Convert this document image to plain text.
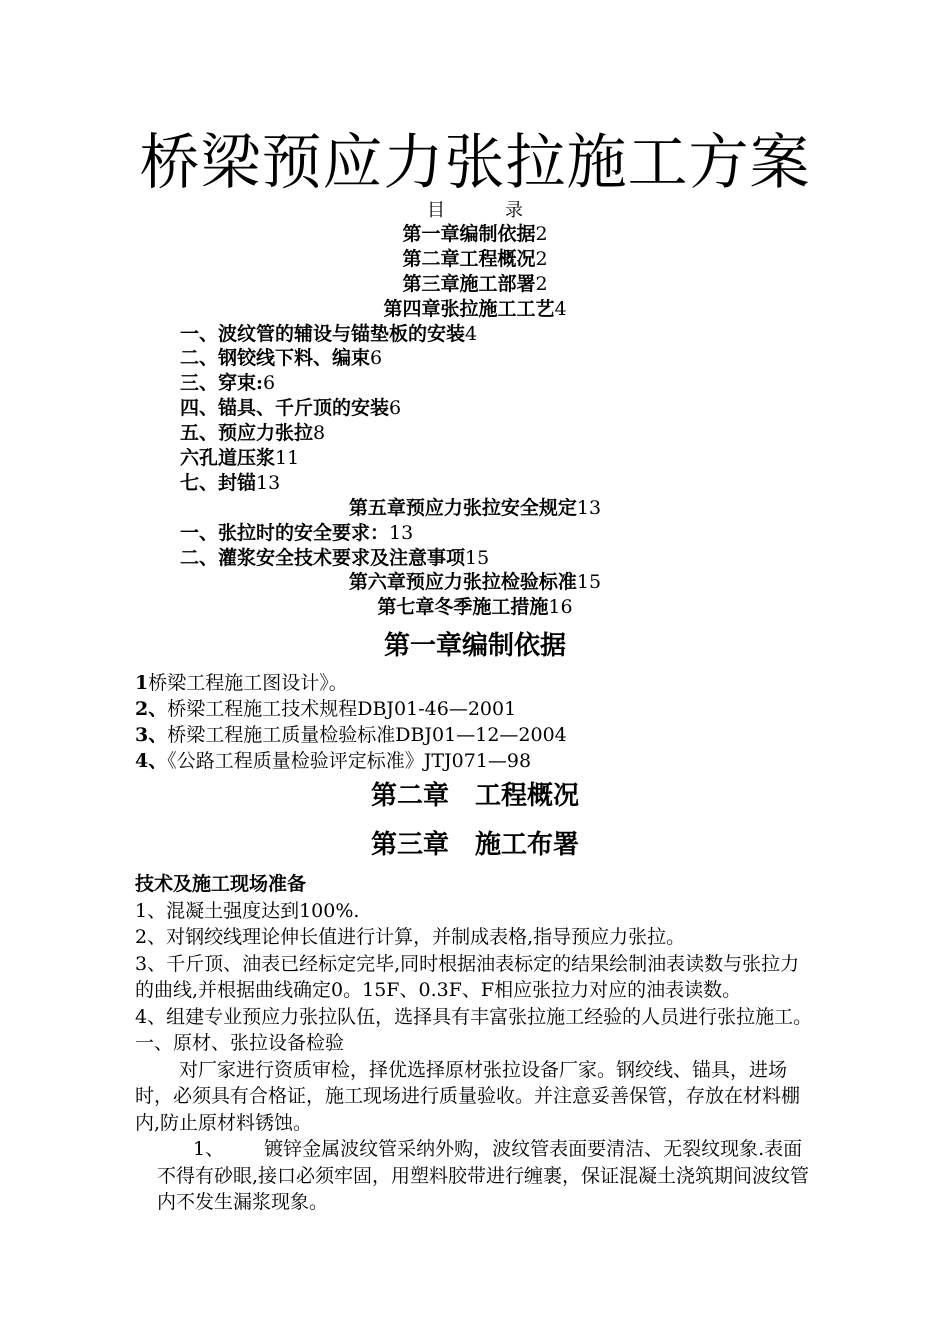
桥梁预应力张拉施工方案
目	录
第一章编制依据2
第二章工程概况2
第三章施工部署2
第四章张拉施工工艺4
一、波纹管的辅设与锚垫板的安装4
二、钢铰线下料、编束6
三、穿束:6
四、锚具、千斤顶的安装6
五、预应力张拉8
六孔道压浆11
七、封锚13
第五章预应力张拉安全规定13
一、张拉时的安全要求：13
二、灌浆安全技术要求及注意事项15
第六章预应力张拉检验标准15
第七章冬季施工措施16
第一章编制依据
1桥梁工程施工图设计》。
2、桥梁工程施工技术规程DBJ01-46—2001
3、桥梁工程施工质量检验标准DBJ01—12—2004
4、《公路工程质量检验评定标准》JTJ071—98
第二章　工程概况
第三章　施工布署

技术及施工现场准备

1、混凝土强度达到100%.

2、对钢绞线理论伸长值进行计算，并制成表格,指导预应力张拉。

3、千斤顶、油表已经标定完毕,同时根据油表标定的结果绘制油表读数与张拉力的曲线,并根据曲线确定0。15F、0.3F、F相应张拉力对应的油表读数。

4、组建专业预应力张拉队伍，选择具有丰富张拉施工经验的人员进行张拉施工。

一、原材、张拉设备检验

对厂家进行资质审检，择优选择原材张拉设备厂家。钢绞线、锚具，进场时，必须具有合格证，施工现场进行质量验收。并注意妥善保管，存放在材料棚内,防止原材料锈蚀。

1、 镀锌金属波纹管采纳外购，波纹管表面要清洁、无裂纹现象.表面不得有砂眼,接口必须牢固，用塑料胶带进行缠裹，保证混凝土浇筑期间波纹管内不发生漏浆现象。
